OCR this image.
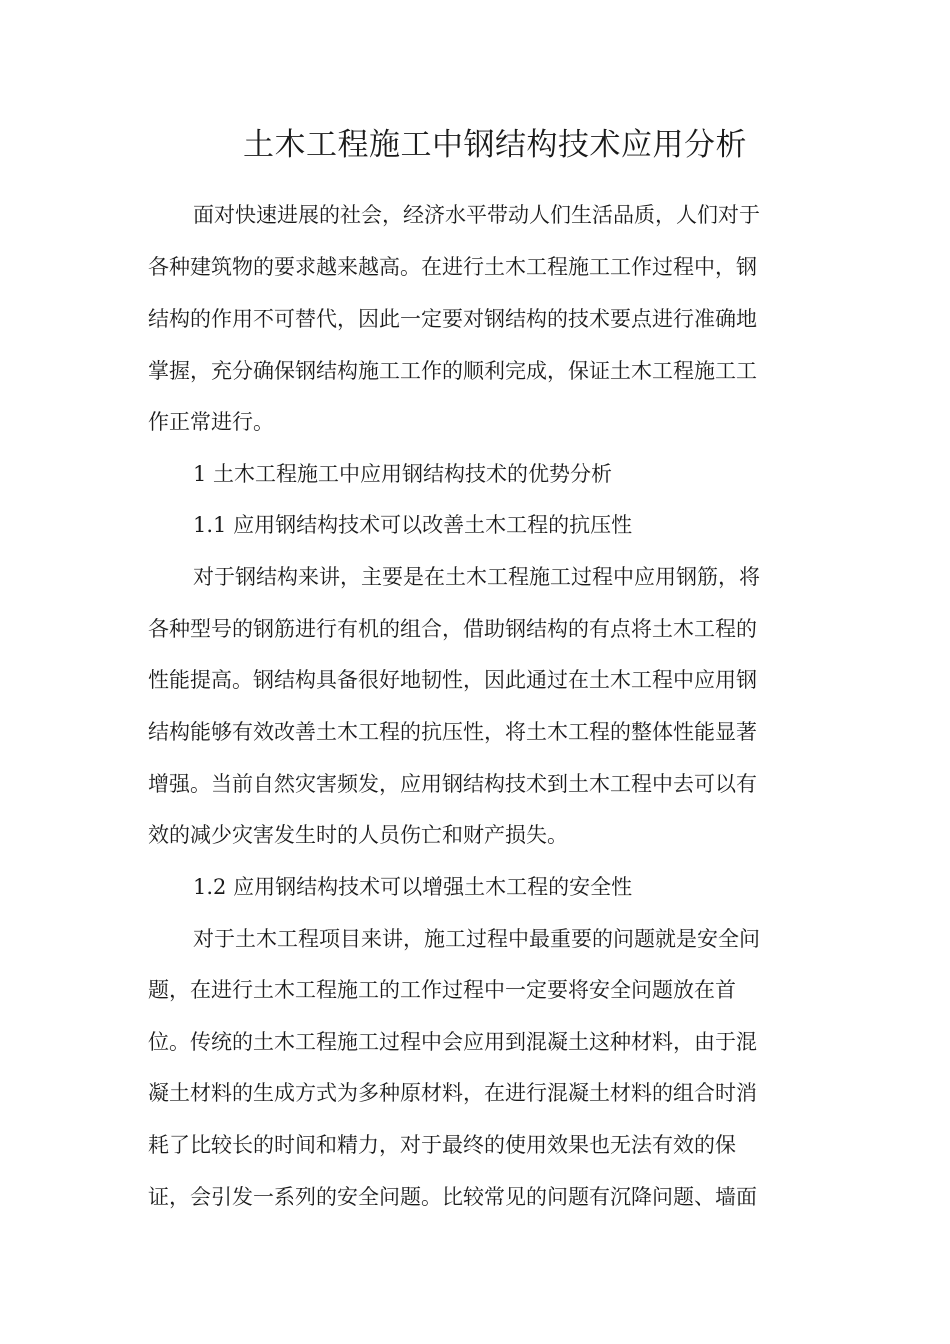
土木工程施工中钢结构技术应用分析
面对快速进展的社会，经济水平带动人们生活品质，人们对于
各种建筑物的要求越来越高。在进行土木工程施工工作过程中，钢
结构的作用不可替代，因此一定要对钢结构的技术要点进行准确地
掌握，充分确保钢结构施工工作的顺利完成，保证土木工程施工工
作正常进行。
1 土木工程施工中应用钢结构技术的优势分析
1.1 应用钢结构技术可以改善土木工程的抗压性
对于钢结构来讲，主要是在土木工程施工过程中应用钢筋，将
各种型号的钢筋进行有机的组合，借助钢结构的有点将土木工程的
性能提高。钢结构具备很好地韧性，因此通过在土木工程中应用钢
结构能够有效改善土木工程的抗压性，将土木工程的整体性能显著
增强。当前自然灾害频发，应用钢结构技术到土木工程中去可以有
效的减少灾害发生时的人员伤亡和财产损失。
1.2 应用钢结构技术可以增强土木工程的安全性
对于土木工程项目来讲，施工过程中最重要的问题就是安全问
题，在进行土木工程施工的工作过程中一定要将安全问题放在首
位。传统的土木工程施工过程中会应用到混凝土这种材料，由于混
凝土材料的生成方式为多种原材料，在进行混凝土材料的组合时消
耗了比较长的时间和精力，对于最终的使用效果也无法有效的保
证，会引发一系列的安全问题。比较常见的问题有沉降问题、墙面
